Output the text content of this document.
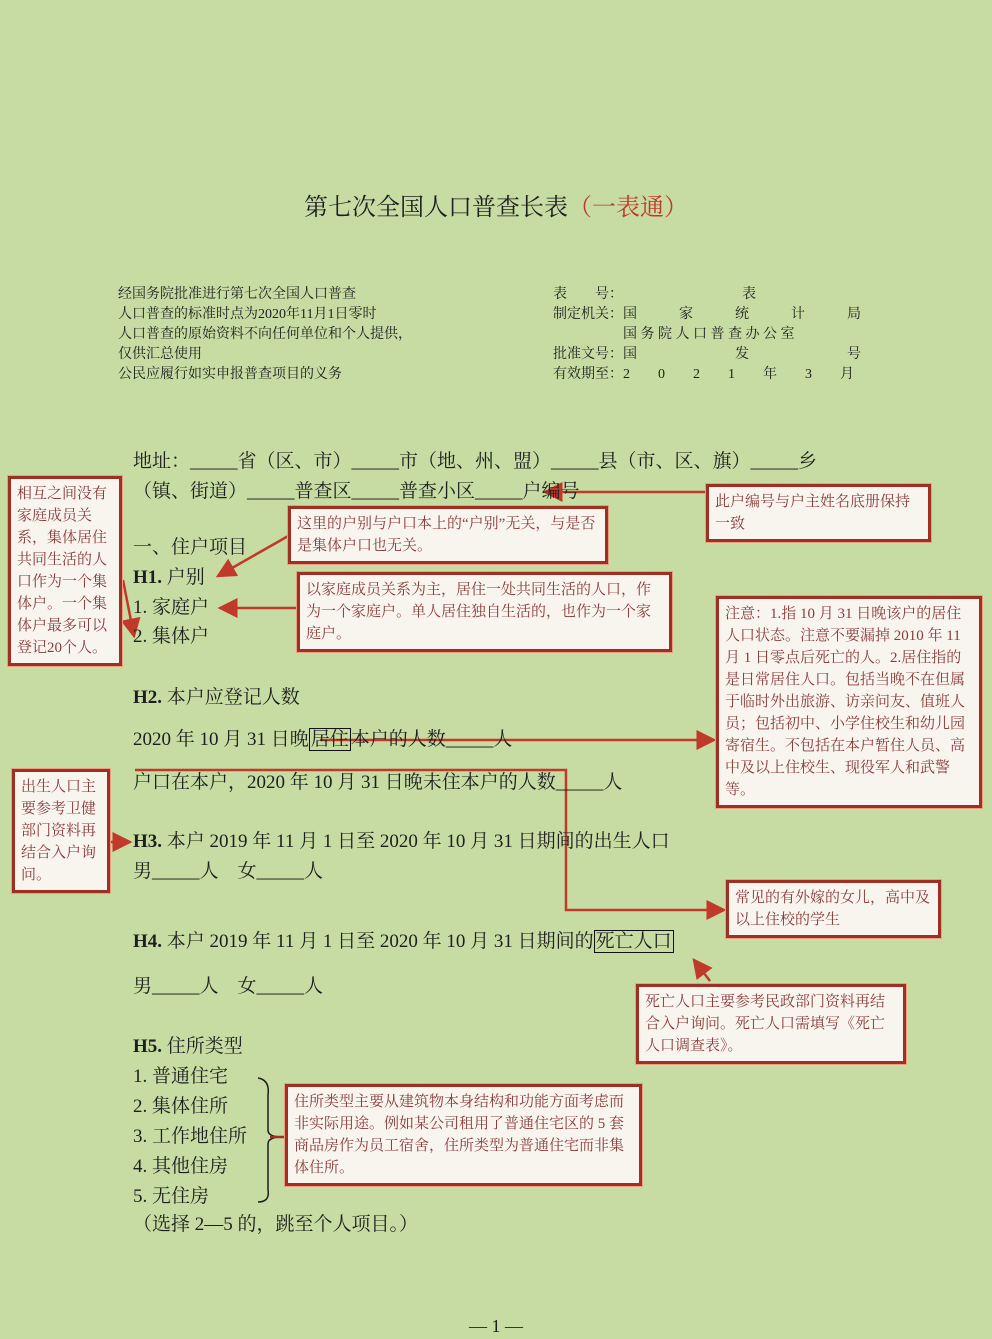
第七次全国人口普查长表（一表通）
经国务院批准进行第七次全国人口普查
人口普查的标准时点为2020年11月1日零时
人口普查的原始资料不向任何单位和个人提供，
仅供汇总使用
公民应履行如实申报普查项目的义务
表　　号：　　　　　　　　　表
制定机关：国　　　家　　　统　　　计　　　局
　　　　　国 务 院 人 口 普 查 办 公 室
批准文号：国　　　　　　　发　　　　　　　号
有效期至：2　　0　　2　　1　　年　　3　　月
地址：_____省（区、市）_____市（地、州、盟）_____县（市、区、旗）_____乡
（镇、街道）_____普查区_____普查小区_____户编号
一、住户项目
H1. 户别
1. 家庭户
2. 集体户
H2. 本户应登记人数
2020 年 10 月 31 日晚 居住 本户的人数_____人
户口在本户，2020 年 10 月 31 日晚未住本户的人数_____人
H3. 本户 2019 年 11 月 1 日至 2020 年 10 月 31 日期间的出生人口
男_____人　女_____人
H4. 本户 2019 年 11 月 1 日至 2020 年 10 月 31 日期间的 死亡人口
男_____人　女_____人
H5. 住所类型
1. 普通住宅
2. 集体住所
3. 工作地住所
4. 其他住房
5. 无住房
（选择 2—5 的，跳至个人项目。）
相互之间没有家庭成员关系，集体居住共同生活的人口作为一个集体户。一个集体户最多可以登记20个人。
这里的户别与户口本上的“户别”无关，与是否是集体户口也无关。
以家庭成员关系为主，居住一处共同生活的人口，作为一个家庭户。单人居住独自生活的，也作为一个家庭户。
此户编号与户主姓名底册保持一致
注意：1.指 10 月 31 日晚该户的居住人口状态。注意不要漏掉 2010 年 11 月 1 日零点后死亡的人。2.居住指的是日常居住人口。包括当晚不在但属于临时外出旅游、访亲问友、值班人员；包括初中、小学住校生和幼儿园寄宿生。不包括在本户暂住人员、高中及以上住校生、现役军人和武警等。
出生人口主要参考卫健部门资料再结合入户询问。
常见的有外嫁的女儿，高中及以上住校的学生
死亡人口主要参考民政部门资料再结合入户询问。死亡人口需填写《死亡人口调查表》。
住所类型主要从建筑物本身结构和功能方面考虑而非实际用途。例如某公司租用了普通住宅区的 5 套商品房作为员工宿舍，住所类型为普通住宅而非集体住所。
— 1 —
